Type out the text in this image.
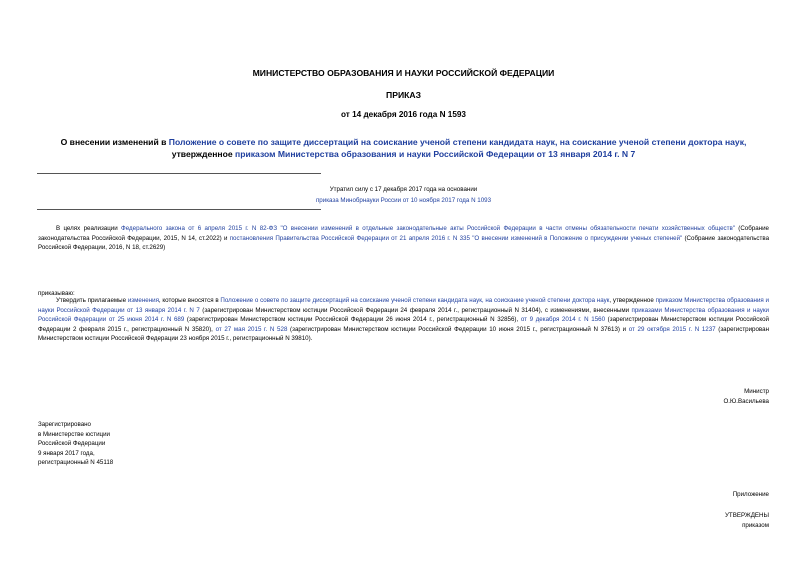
МИНИСТЕРСТВО ОБРАЗОВАНИЯ И НАУКИ РОССИЙСКОЙ ФЕДЕРАЦИИ
ПРИКАЗ
от 14 декабря 2016 года N 1593
О внесении изменений в Положение о совете по защите диссертаций на соискание ученой степени кандидата наук, на соискание ученой степени доктора наук,
утвержденное приказом Министерства образования и науки Российской Федерации от 13 января 2014 г. N 7
Утратил силу с 17 декабря 2017 года на основании
приказа Минобрнауки России от 10 ноября 2017 года N 1093
В целях реализации Федерального закона от 6 апреля 2015 г. N 82-ФЗ "О внесении изменений в отдельные законодательные акты Российской Федерации в части отмены обязательности печати хозяйственных обществ" (Собрание законодательства Российской Федерации, 2015, N 14, ст.2022) и постановления Правительства Российской Федерации от 21 апреля 2016 г. N 335 "О внесении изменений в Положение о присуждении ученых степеней" (Собрание законодательства Российской Федерации, 2016, N 18, ст.2629)
приказываю:
Утвердить прилагаемые изменения, которые вносятся в Положение о совете по защите диссертаций на соискание ученой степени кандидата наук, на соискание ученой степени доктора наук, утвержденное приказом Министерства образования и науки Российской Федерации от 13 января 2014 г. N 7 (зарегистрирован Министерством юстиции Российской Федерации 24 февраля 2014 г., регистрационный N 31404), с изменениями, внесенными приказами Министерства образования и науки Российской Федерации от 25 июня 2014 г. N 689 (зарегистрирован Министерством юстиции Российской Федерации 26 июня 2014 г., регистрационный N 32856), от 9 декабря 2014 г. N 1560 (зарегистрирован Министерством юстиции Российской Федерации 2 февраля 2015 г., регистрационный N 35820), от 27 мая 2015 г. N 528 (зарегистрирован Министерством юстиции Российской Федерации 10 июня 2015 г., регистрационный N 37613) и от 29 октября 2015 г. N 1237 (зарегистрирован Министерством юстиции Российской Федерации 23 ноября 2015 г., регистрационный N 39810).
Министр
О.Ю.Васильева
Зарегистрировано
в Министерстве юстиции
Российской Федерации
9 января 2017 года,
регистрационный N 45118
Приложение
УТВЕРЖДЕНЫ
приказом
